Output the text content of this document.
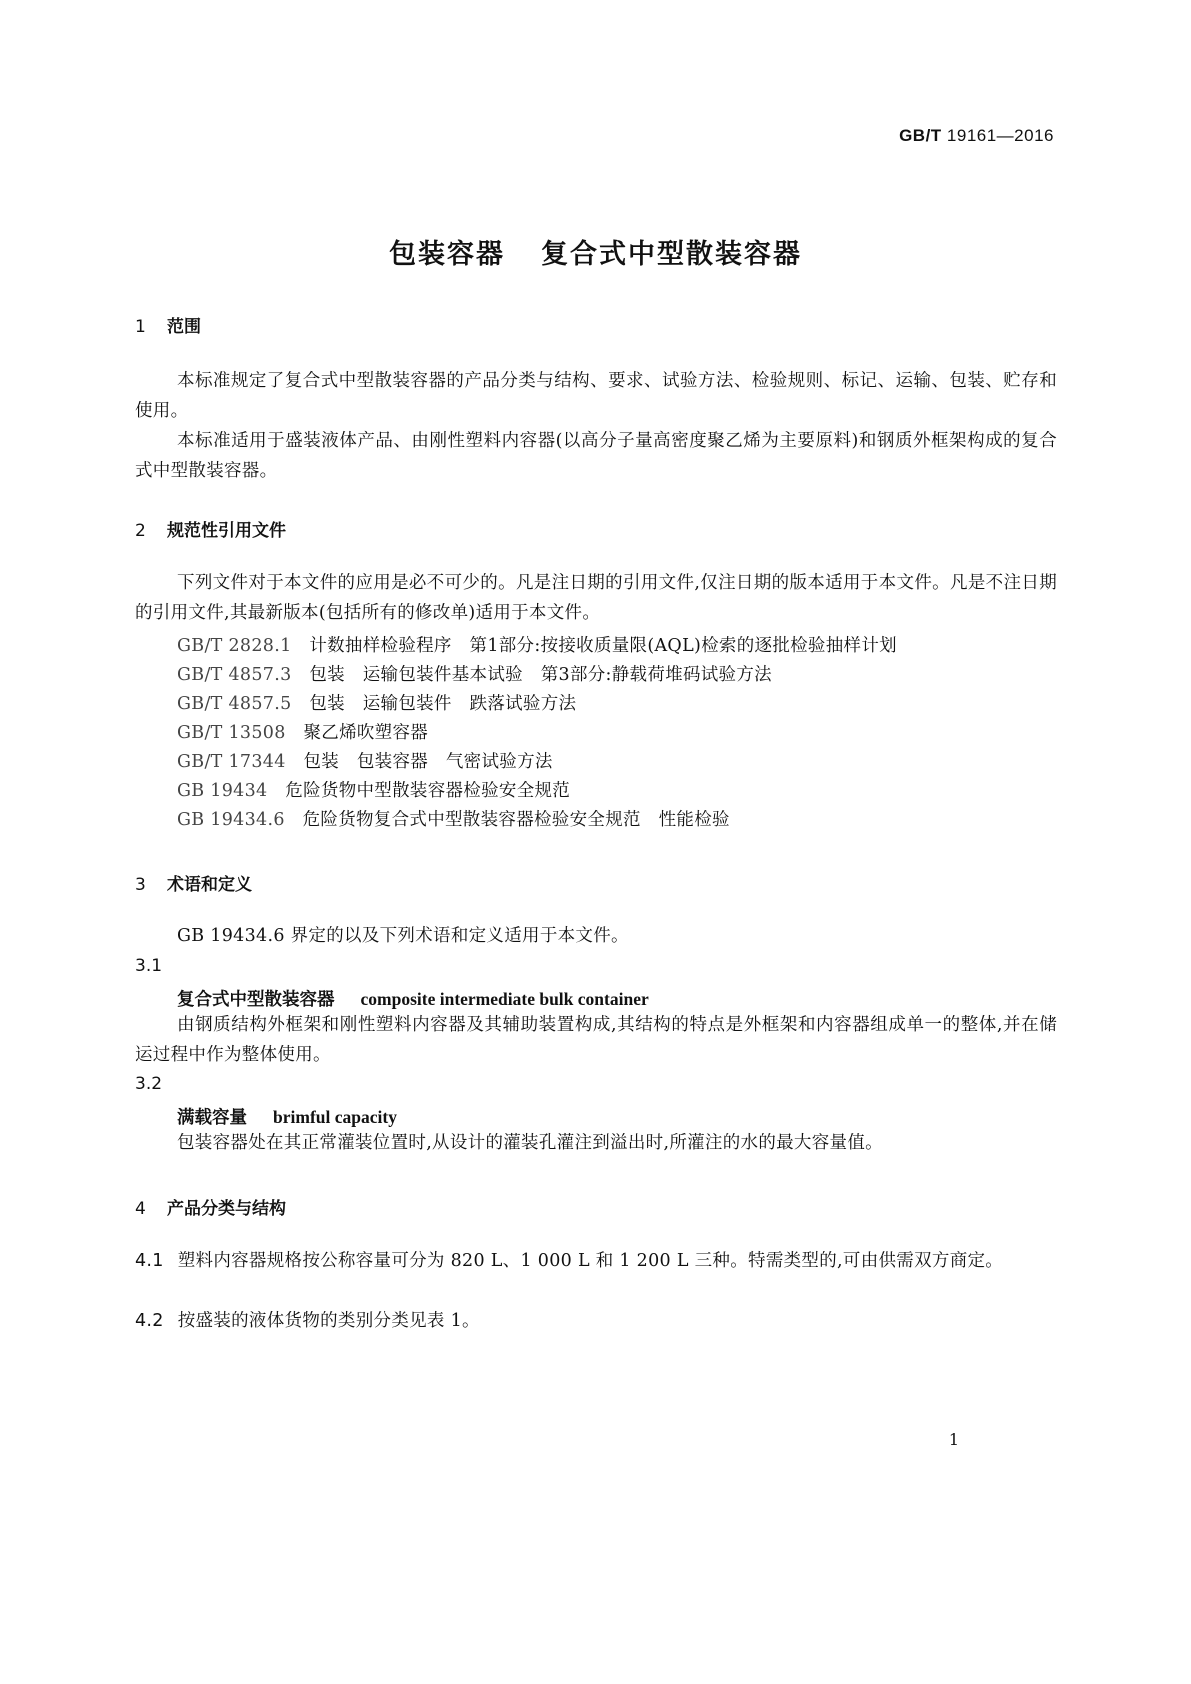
GB/T 19161—2016
包装容器 复合式中型散装容器
1 范围
本标准规定了复合式中型散装容器的产品分类与结构、要求、试验方法、检验规则、标记、运输、包装、贮存和使用。
本标准适用于盛装液体产品、由刚性塑料内容器(以高分子量高密度聚乙烯为主要原料)和钢质外框架构成的复合式中型散装容器。
2 规范性引用文件
下列文件对于本文件的应用是必不可少的。凡是注日期的引用文件,仅注日期的版本适用于本文件。凡是不注日期的引用文件,其最新版本(包括所有的修改单)适用于本文件。
GB/T 2828.1　 计数抽样检验程序　第1部分:按接收质量限(AQL)检索的逐批检验抽样计划
GB/T 4857.3　 包装　运输包装件基本试验　第3部分:静载荷堆码试验方法
GB/T 4857.5　 包装　运输包装件　跌落试验方法
GB/T 13508　 聚乙烯吹塑容器
GB/T 17344　 包装　包装容器　气密试验方法
GB 19434　 危险货物中型散装容器检验安全规范
GB 19434.6　 危险货物复合式中型散装容器检验安全规范　性能检验
3 术语和定义
GB 19434.6 界定的以及下列术语和定义适用于本文件。
3.1
复合式中型散装容器 composite intermediate bulk container
由钢质结构外框架和刚性塑料内容器及其辅助装置构成,其结构的特点是外框架和内容器组成单一的整体,并在储运过程中作为整体使用。
3.2
满载容量 brimful capacity
包装容器处在其正常灌装位置时,从设计的灌装孔灌注到溢出时,所灌注的水的最大容量值。
4 产品分类与结构
4.1 塑料内容器规格按公称容量可分为 820 L、1 000 L 和 1 200 L 三种。特需类型的,可由供需双方商定。
4.2 按盛装的液体货物的类别分类见表 1。
1
